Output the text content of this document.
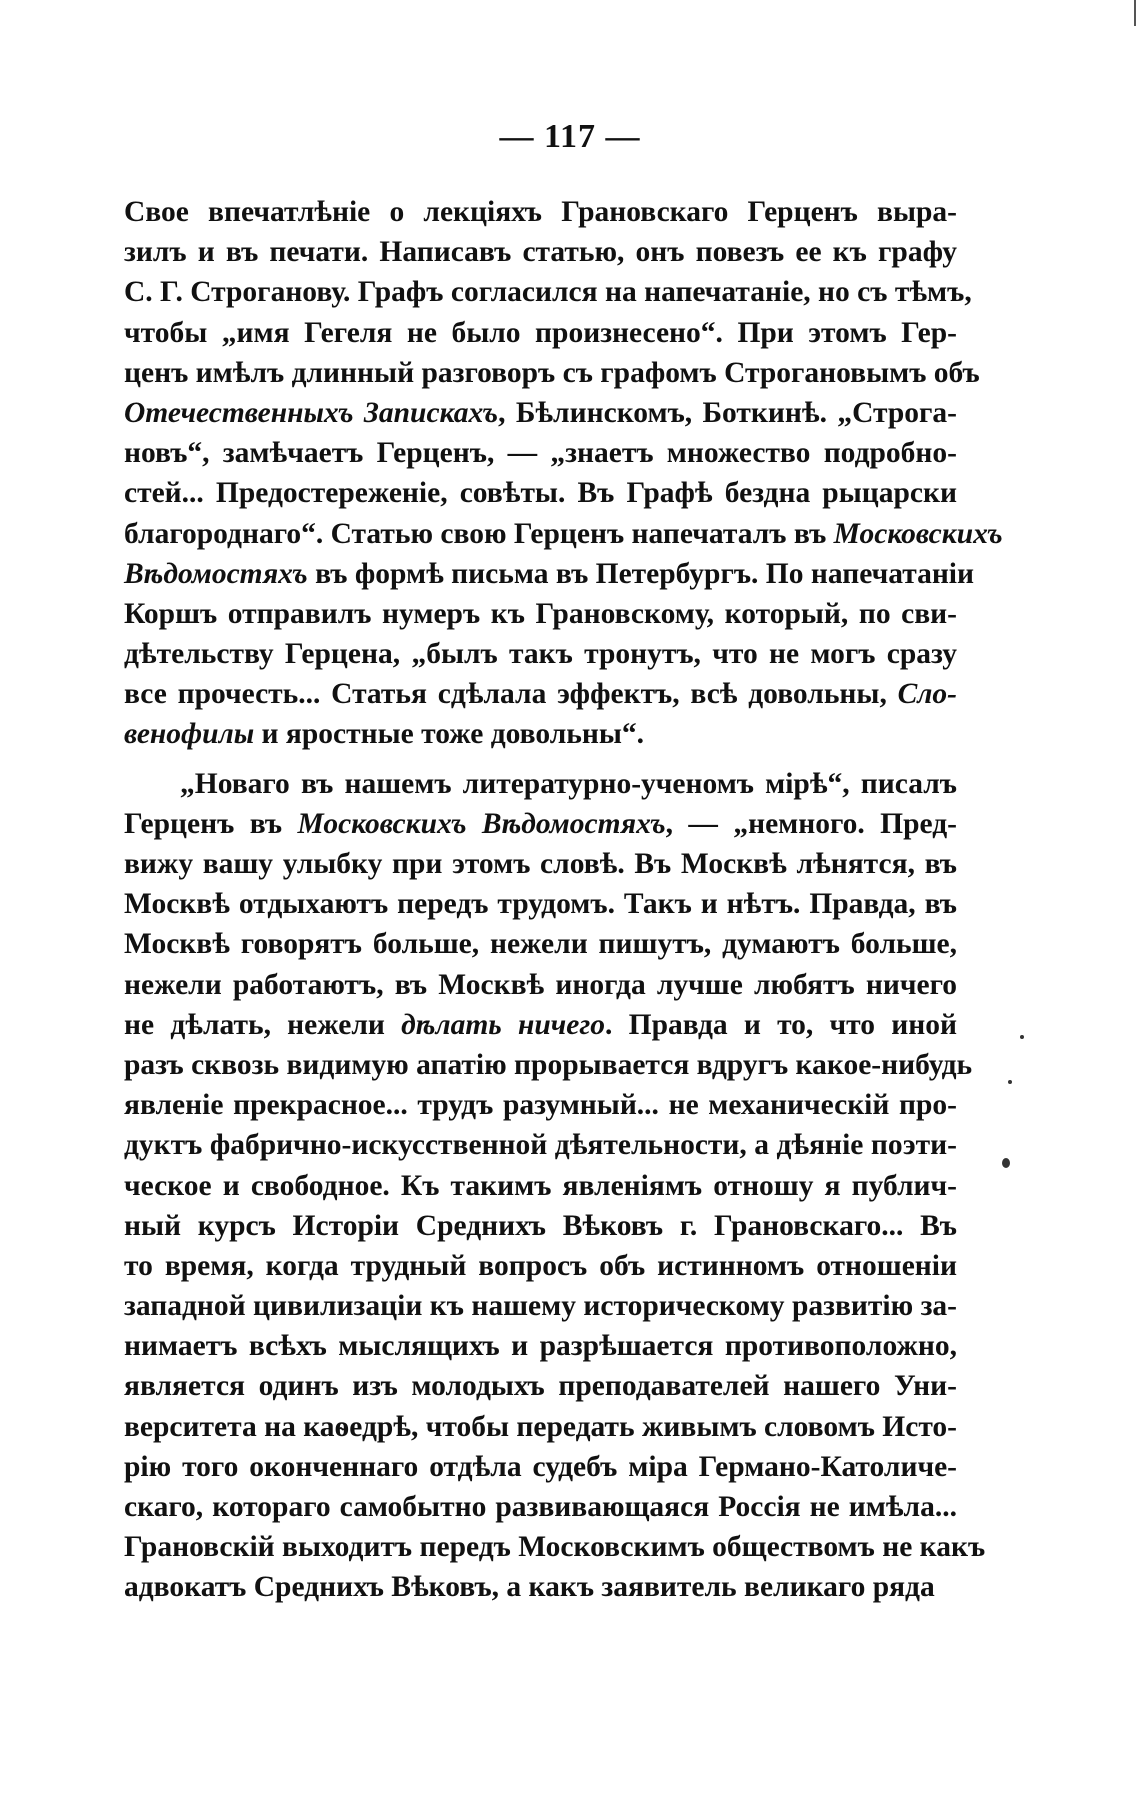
— 117 —
Свое впечатлѣніе о лекціяхъ Грановскаго Герценъ выра-
зилъ и въ печати. Написавъ статью, онъ повезъ ее къ графу
С. Г. Строганову. Графъ согласился на напечатаніе, но съ тѣмъ,
чтобы „имя Гегеля не было произнесено“. При этомъ Гер-
ценъ имѣлъ длинный разговоръ съ графомъ Строгановымъ объ
Отечественныхъ Запискахъ, Бѣлинскомъ, Боткинѣ. „Строга-
новъ“, замѣчаетъ Герценъ, — „знаетъ множество подробно-
стей... Предостереженіе, совѣты. Въ Графѣ бездна рыцарски
благороднаго“. Статью свою Герценъ напечаталъ въ Московскихъ
Вѣдомостяхъ въ формѣ письма въ Петербургъ. По напечатаніи
Коршъ отправилъ нумеръ къ Грановскому, который, по сви-
дѣтельству Герцена, „былъ такъ тронутъ, что не могъ сразу
все прочесть... Статья сдѣлала эффектъ, всѣ довольны, Сло-
венофилы и яростные тоже довольны“.
„Новаго въ нашемъ литературно-ученомъ мірѣ“, писалъ
Герценъ въ Московскихъ Вѣдомостяхъ, — „немного. Пред-
вижу вашу улыбку при этомъ словѣ. Въ Москвѣ лѣнятся, въ
Москвѣ отдыхаютъ передъ трудомъ. Такъ и нѣтъ. Правда, въ
Москвѣ говорятъ больше, нежели пишутъ, думаютъ больше,
нежели работаютъ, въ Москвѣ иногда лучше любятъ ничего
не дѣлать, нежели дѣлать ничего. Правда и то, что иной
разъ сквозь видимую апатію прорывается вдругъ какое-нибудь
явленіе прекрасное... трудъ разумный... не механическій про-
дуктъ фабрично-искусственной дѣятельности, а дѣяніе поэти-
ческое и свободное. Къ такимъ явленіямъ отношу я публич-
ный курсъ Исторіи Среднихъ Вѣковъ г. Грановскаго... Въ
то время, когда трудный вопросъ объ истинномъ отношеніи
западной цивилизаціи къ нашему историческому развитію за-
нимаетъ всѣхъ мыслящихъ и разрѣшается противоположно,
является одинъ изъ молодыхъ преподавателей нашего Уни-
верситета на каѳедрѣ, чтобы передать живымъ словомъ Исто-
рію того оконченнаго отдѣла судебъ міра Германо-Католиче-
скаго, котораго самобытно развивающаяся Россія не имѣла...
Грановскій выходитъ передъ Московскимъ обществомъ не какъ
адвокатъ Среднихъ Вѣковъ, а какъ заявитель великаго ряда
